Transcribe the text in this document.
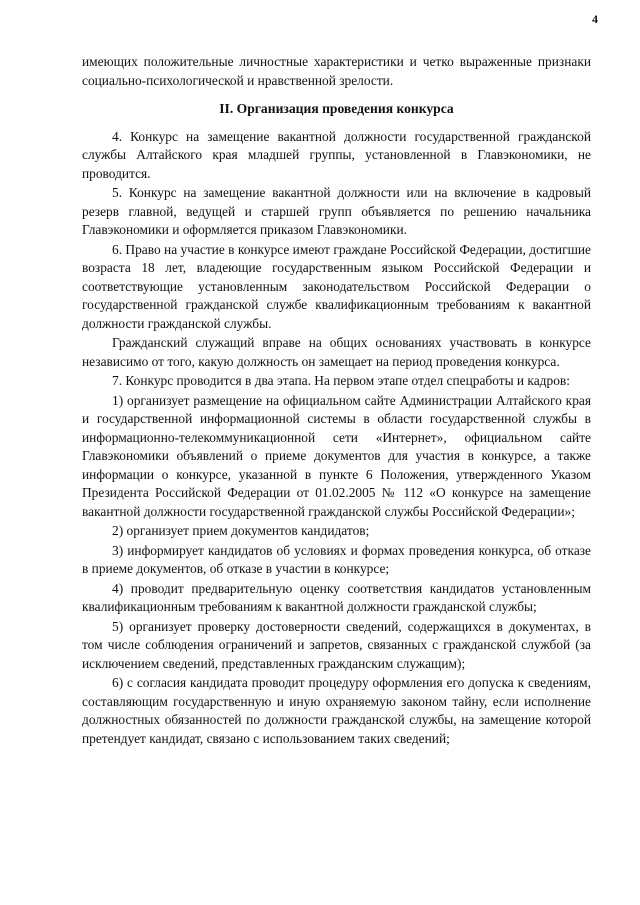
4

имеющих положительные личностные характеристики и четко выраженные признаки социально-психологической и нравственной зрелости.

II. Организация проведения конкурса

4. Конкурс на замещение вакантной должности государственной гражданской службы Алтайского края младшей группы, установленной в Главэкономики, не проводится.

5. Конкурс на замещение вакантной должности или на включение в кадровый резерв главной, ведущей и старшей групп объявляется по решению начальника Главэкономики и оформляется приказом Главэкономики.

6. Право на участие в конкурсе имеют граждане Российской Федерации, достигшие возраста 18 лет, владеющие государственным языком Российской Федерации и соответствующие установленным законодательством Российской Федерации о государственной гражданской службе квалификационным требованиям к вакантной должности гражданской службы.

Гражданский служащий вправе на общих основаниях участвовать в конкурсе независимо от того, какую должность он замещает на период проведения конкурса.

7. Конкурс проводится в два этапа. На первом этапе отдел спецработы и кадров:

1) организует размещение на официальном сайте Администрации Алтайского края и государственной информационной системы в области государственной службы в информационно-телекоммуникационной сети «Интернет», официальном сайте Главэкономики объявлений о приеме документов для участия в конкурсе, а также информации о конкурсе, указанной в пункте 6 Положения, утвержденного Указом Президента Российской Федерации от 01.02.2005 № 112 «О конкурсе на замещение вакантной должности государственной гражданской службы Российской Федерации»;

2) организует прием документов кандидатов;

3) информирует кандидатов об условиях и формах проведения конкурса, об отказе в приеме документов, об отказе в участии в конкурсе;

4) проводит предварительную оценку соответствия кандидатов установленным квалификационным требованиям к вакантной должности гражданской службы;

5) организует проверку достоверности сведений, содержащихся в документах, в том числе соблюдения ограничений и запретов, связанных с гражданской службой (за исключением сведений, представленных гражданским служащим);

6) с согласия кандидата проводит процедуру оформления его допуска к сведениям, составляющим государственную и иную охраняемую законом тайну, если исполнение должностных обязанностей по должности гражданской службы, на замещение которой претендует кандидат, связано с использованием таких сведений;
